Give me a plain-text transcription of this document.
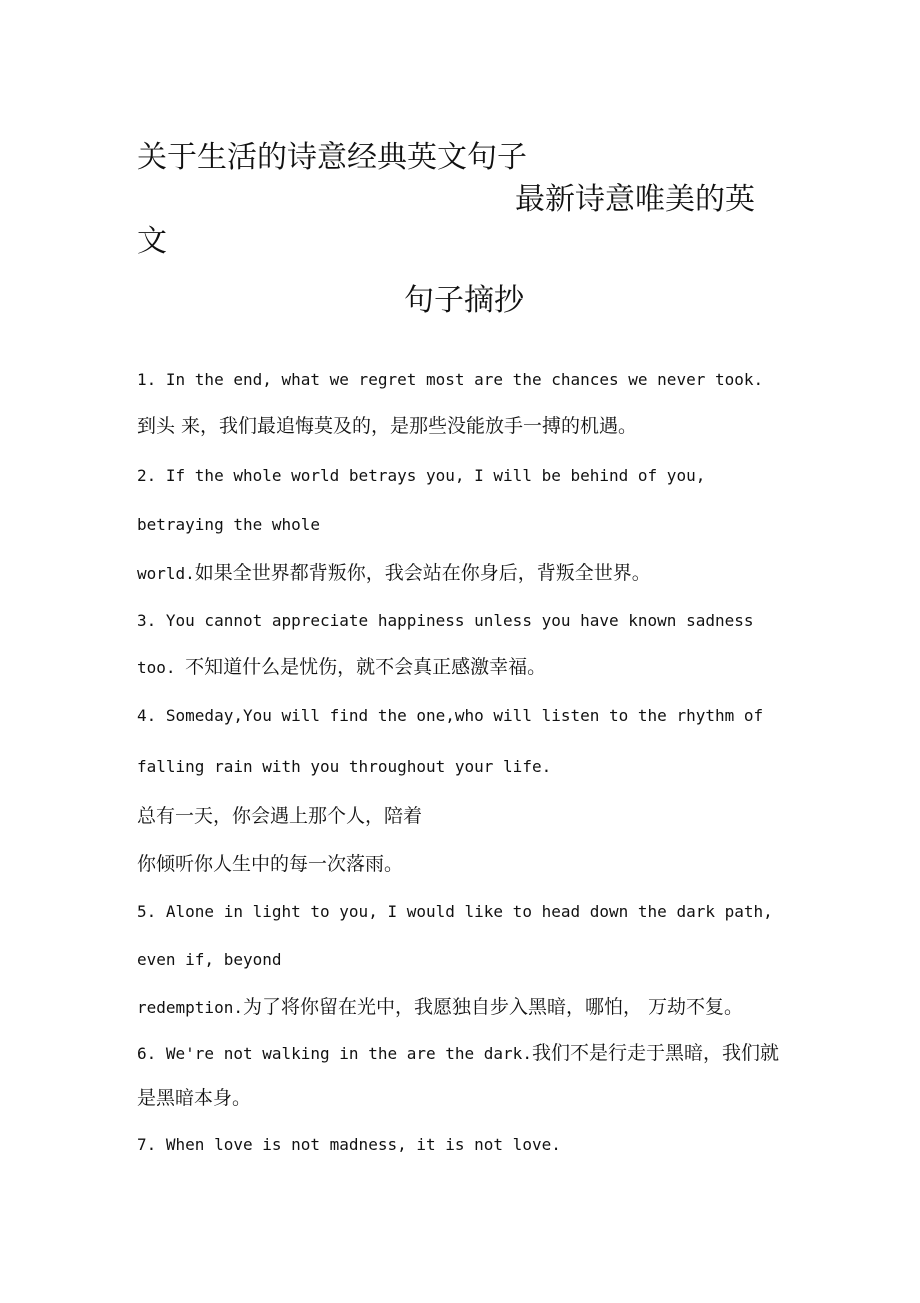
关于生活的诗意经典英文句子
最新诗意唯美的英
文
句子摘抄
1. In the end, what we regret most are the chances we never took.
到头 来，我们最追悔莫及的，是那些没能放手一搏的机遇。
2. If the whole world betrays you, I will be behind of you,
betraying the whole
world.如果全世界都背叛你，我会站在你身后，背叛全世界。
3. You cannot appreciate happiness unless you have known sadness
too. 不知道什么是忧伤，就不会真正感激幸福。
4. Someday,You will find the one,who will listen to the rhythm of
falling rain with you throughout your life.
总有一天，你会遇上那个人，陪着
你倾听你人生中的每一次落雨。
5. Alone in light to you, I would like to head down the dark path,
even if, beyond
redemption.为了将你留在光中，我愿独自步入黑暗，哪怕， 万劫不复。
6. We're not walking in the are the dark.我们不是行走于黑暗，我们就
是黑暗本身。
7. When love is not madness, it is not love.
